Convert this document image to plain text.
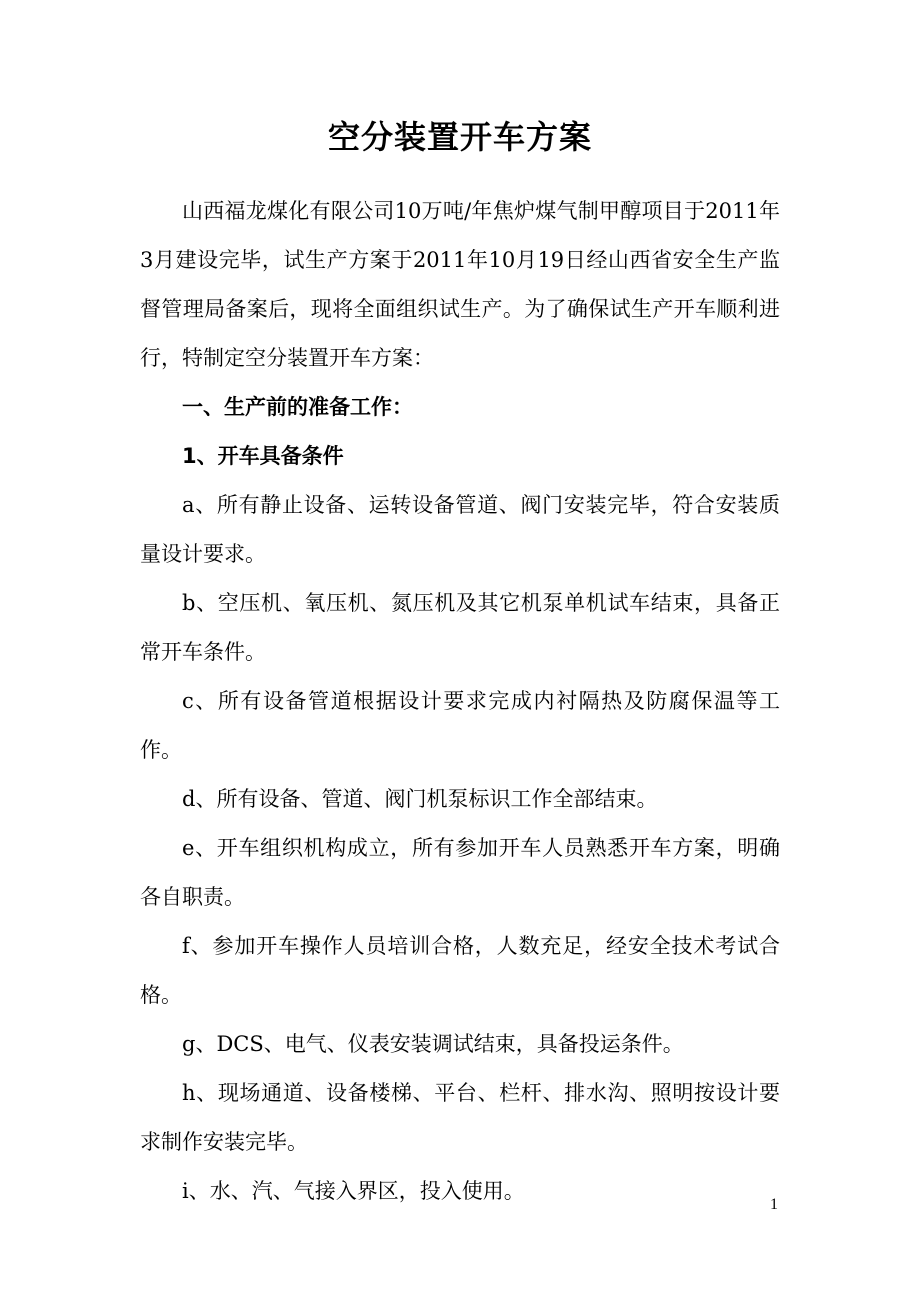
空分装置开车方案

山西福龙煤化有限公司10万吨/年焦炉煤气制甲醇项目于2011年3月建设完毕，试生产方案于2011年10月19日经山西省安全生产监督管理局备案后，现将全面组织试生产。为了确保试生产开车顺利进行，特制定空分装置开车方案：

一、生产前的准备工作：

1、开车具备条件

a、所有静止设备、运转设备管道、阀门安装完毕，符合安装质量设计要求。

b、空压机、氧压机、氮压机及其它机泵单机试车结束，具备正常开车条件。

c、所有设备管道根据设计要求完成内衬隔热及防腐保温等工作。

d、所有设备、管道、阀门机泵标识工作全部结束。

e、开车组织机构成立，所有参加开车人员熟悉开车方案，明确各自职责。

f、参加开车操作人员培训合格，人数充足，经安全技术考试合格。

g、DCS、电气、仪表安装调试结束，具备投运条件。

h、现场通道、设备楼梯、平台、栏杆、排水沟、照明按设计要求制作安装完毕。

i、水、汽、气接入界区，投入使用。

1
